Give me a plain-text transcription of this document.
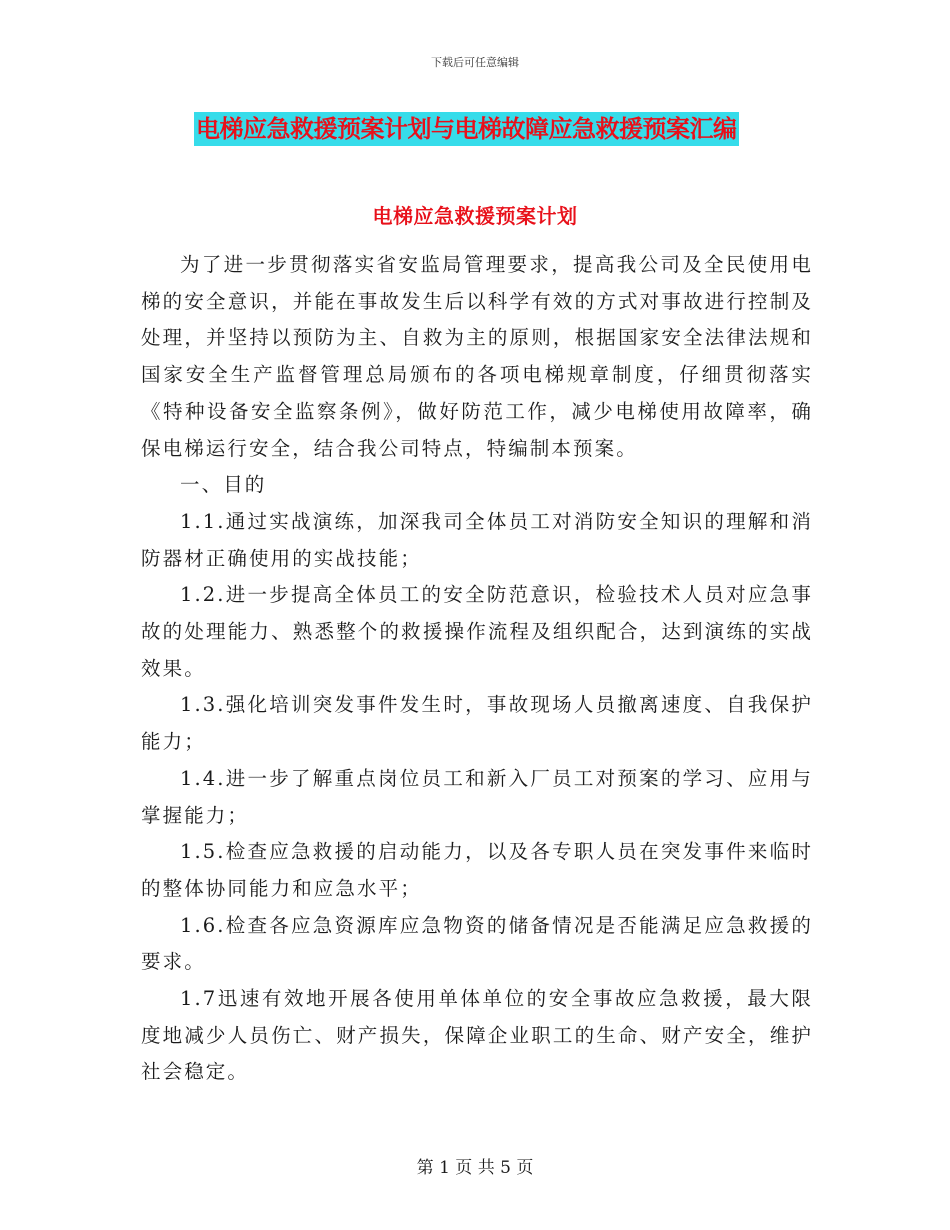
下载后可任意编辑
电梯应急救援预案计划与电梯故障应急救援预案汇编
电梯应急救援预案计划

为了进一步贯彻落实省安监局管理要求，提高我公司及全民使用电梯的安全意识，并能在事故发生后以科学有效的方式对事故进行控制及处理，并坚持以预防为主、自救为主的原则，根据国家安全法律法规和国家安全生产监督管理总局颁布的各项电梯规章制度，仔细贯彻落实《特种设备安全监察条例》，做好防范工作，减少电梯使用故障率，确保电梯运行安全，结合我公司特点，特编制本预案。

一、目的

1.1.通过实战演练，加深我司全体员工对消防安全知识的理解和消防器材正确使用的实战技能；

1.2.进一步提高全体员工的安全防范意识，检验技术人员对应急事故的处理能力、熟悉整个的救援操作流程及组织配合，达到演练的实战效果。

1.3.强化培训突发事件发生时，事故现场人员撤离速度、自我保护能力；

1.4.进一步了解重点岗位员工和新入厂员工对预案的学习、应用与掌握能力；

1.5.检查应急救援的启动能力，以及各专职人员在突发事件来临时的整体协同能力和应急水平；

1.6.检查各应急资源库应急物资的储备情况是否能满足应急救援的要求。

1.7迅速有效地开展各使用单体单位的安全事故应急救援，最大限度地减少人员伤亡、财产损失，保障企业职工的生命、财产安全，维护社会稳定。

第 1 页 共 5 页
